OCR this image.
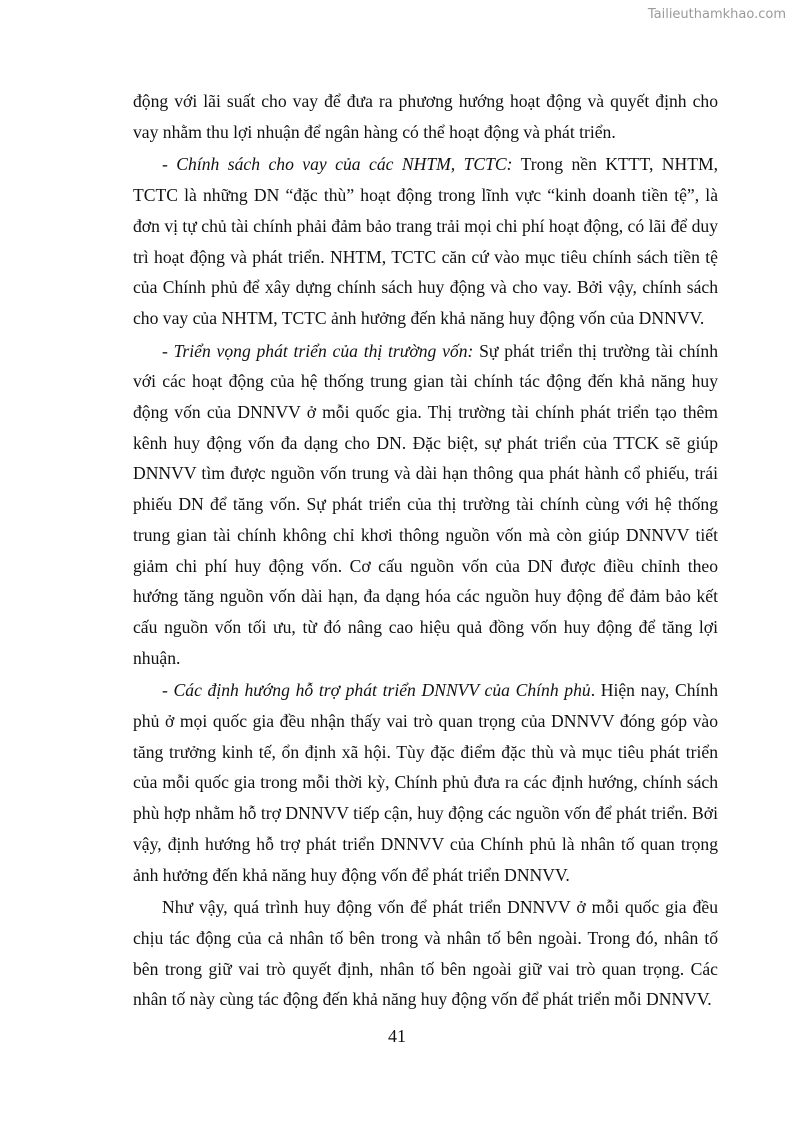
Tailieuthamkhao.com

động với lãi suất cho vay để đưa ra phương hướng hoạt động và quyết định cho vay nhằm thu lợi nhuận để ngân hàng có thể hoạt động và phát triển.

- Chính sách cho vay của các NHTM, TCTC: Trong nền KTTT, NHTM, TCTC là những DN “đặc thù” hoạt động trong lĩnh vực “kinh doanh tiền tệ”, là đơn vị tự chủ tài chính phải đảm bảo trang trải mọi chi phí hoạt động, có lãi để duy trì hoạt động và phát triển. NHTM, TCTC căn cứ vào mục tiêu chính sách tiền tệ của Chính phủ để xây dựng chính sách huy động và cho vay. Bởi vậy, chính sách cho vay của NHTM, TCTC ảnh hưởng đến khả năng huy động vốn của DNNVV.

- Triển vọng phát triển của thị trường vốn: Sự phát triển thị trường tài chính với các hoạt động của hệ thống trung gian tài chính tác động đến khả năng huy động vốn của DNNVV ở mỗi quốc gia. Thị trường tài chính phát triển tạo thêm kênh huy động vốn đa dạng cho DN. Đặc biệt, sự phát triển của TTCK sẽ giúp DNNVV tìm được nguồn vốn trung và dài hạn thông qua phát hành cổ phiếu, trái phiếu DN để tăng vốn. Sự phát triển của thị trường tài chính cùng với hệ thống trung gian tài chính không chỉ khơi thông nguồn vốn mà còn giúp DNNVV tiết giảm chi phí huy động vốn. Cơ cấu nguồn vốn của DN được điều chỉnh theo hướng tăng nguồn vốn dài hạn, đa dạng hóa các nguồn huy động để đảm bảo kết cấu nguồn vốn tối ưu, từ đó nâng cao hiệu quả đồng vốn huy động để tăng lợi nhuận.

- Các định hướng hỗ trợ phát triển DNNVV của Chính phủ. Hiện nay, Chính phủ ở mọi quốc gia đều nhận thấy vai trò quan trọng của DNNVV đóng góp vào tăng trưởng kinh tế, ổn định xã hội. Tùy đặc điểm đặc thù và mục tiêu phát triển của mỗi quốc gia trong mỗi thời kỳ, Chính phủ đưa ra các định hướng, chính sách phù hợp nhằm hỗ trợ DNNVV tiếp cận, huy động các nguồn vốn để phát triển. Bởi vậy, định hướng hỗ trợ phát triển DNNVV của Chính phủ là nhân tố quan trọng ảnh hưởng đến khả năng huy động vốn để phát triển DNNVV.

Như vậy, quá trình huy động vốn để phát triển DNNVV ở mỗi quốc gia đều chịu tác động của cả nhân tố bên trong và nhân tố bên ngoài. Trong đó, nhân tố bên trong giữ vai trò quyết định, nhân tố bên ngoài giữ vai trò quan trọng. Các nhân tố này cùng tác động đến khả năng huy động vốn để phát triển mỗi DNNVV.

41
